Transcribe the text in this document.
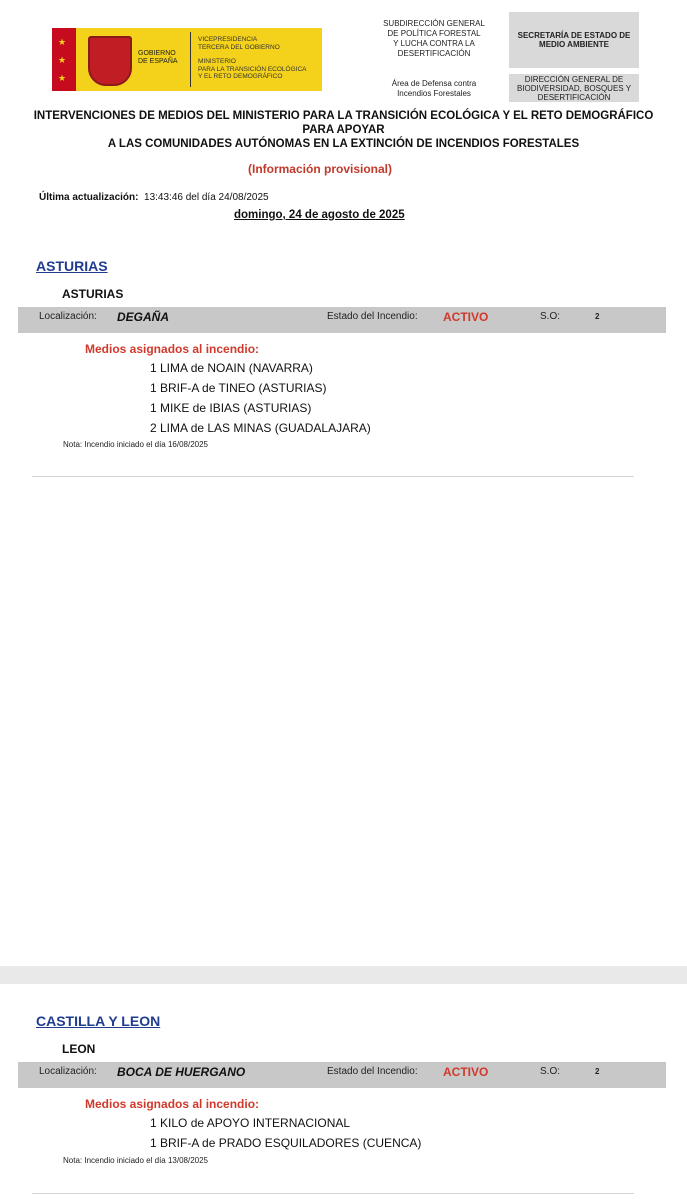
★
★
★
GOBIERNO
DE ESPAÑA
VICEPRESIDENCIA
TERCERA DEL GOBIERNO
MINISTERIO
PARA LA TRANSICIÓN ECOLÓGICA
Y EL RETO DEMOGRÁFICO
SUBDIRECCIÓN GENERAL
DE POLÍTICA FORESTAL
Y LUCHA CONTRA LA
DESERTIFICACIÓN
Área de Defensa contra
Incendios Forestales
SECRETARÍA DE ESTADO DE
MEDIO AMBIENTE
DIRECCIÓN GENERAL DE
BIODIVERSIDAD, BOSQUES Y
DESERTIFICACIÓN
INTERVENCIONES DE MEDIOS DEL MINISTERIO PARA LA TRANSICIÓN ECOLÓGICA Y EL RETO DEMOGRÁFICO PARA APOYAR
A LAS COMUNIDADES AUTÓNOMAS EN LA EXTINCIÓN DE INCENDIOS FORESTALES
(Información provisional)
Última actualización: 13:43:46 del día 24/08/2025
domingo, 24 de agosto de 2025
ASTURIAS
ASTURIAS
Localización: DEGAÑA	Estado del Incendio: ACTIVO	S.O:	2
Medios asignados al incendio:
1 LIMA de NOAIN (NAVARRA)
1 BRIF-A de TINEO (ASTURIAS)
1 MIKE de IBIAS (ASTURIAS)
2 LIMA de LAS MINAS (GUADALAJARA)
Nota: Incendio iniciado el día 16/08/2025
CASTILLA Y LEON
LEON
Localización: BOCA DE HUERGANO	Estado del Incendio: ACTIVO	S.O:	2
Medios asignados al incendio:
1 KILO de APOYO INTERNACIONAL
1 BRIF-A de PRADO ESQUILADORES (CUENCA)
Nota: Incendio iniciado el día 13/08/2025
